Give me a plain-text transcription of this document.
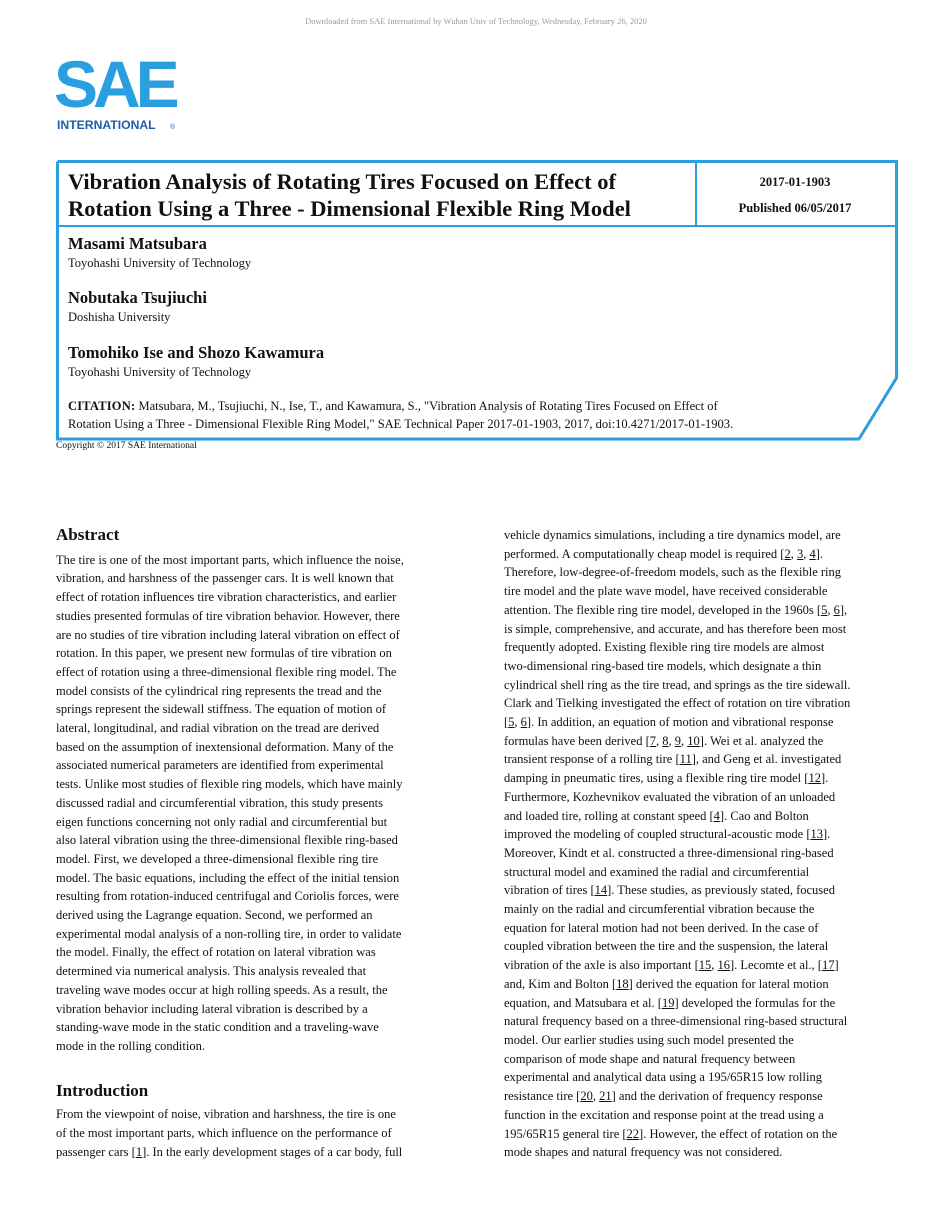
Downloaded from SAE International by Wuhan Univ of Technology, Wednesday, February 26, 2020
SAE
INTERNATIONAL ®
Vibration Analysis of Rotating Tires Focused on Effect of
Rotation Using a Three - Dimensional Flexible Ring Model
2017-01-1903
Published 06/05/2017
Masami Matsubara
Toyohashi University of Technology
Nobutaka Tsujiuchi
Doshisha University
Tomohiko Ise and Shozo Kawamura
Toyohashi University of Technology
CITATION: Matsubara, M., Tsujiuchi, N., Ise, T., and Kawamura, S., "Vibration Analysis of Rotating Tires Focused on Effect of
Rotation Using a Three - Dimensional Flexible Ring Model," SAE Technical Paper 2017-01-1903, 2017, doi:10.4271/2017-01-1903.
Copyright © 2017 SAE International
Abstract
The tire is one of the most important parts, which influence the noise,
vibration, and harshness of the passenger cars. It is well known that
effect of rotation influences tire vibration characteristics, and earlier
studies presented formulas of tire vibration behavior. However, there
are no studies of tire vibration including lateral vibration on effect of
rotation. In this paper, we present new formulas of tire vibration on
effect of rotation using a three-dimensional flexible ring model. The
model consists of the cylindrical ring represents the tread and the
springs represent the sidewall stiffness. The equation of motion of
lateral, longitudinal, and radial vibration on the tread are derived
based on the assumption of inextensional deformation. Many of the
associated numerical parameters are identified from experimental
tests. Unlike most studies of flexible ring models, which have mainly
discussed radial and circumferential vibration, this study presents
eigen functions concerning not only radial and circumferential but
also lateral vibration using the three-dimensional flexible ring-based
model. First, we developed a three-dimensional flexible ring tire
model. The basic equations, including the effect of the initial tension
resulting from rotation-induced centrifugal and Coriolis forces, were
derived using the Lagrange equation. Second, we performed an
experimental modal analysis of a non-rolling tire, in order to validate
the model. Finally, the effect of rotation on lateral vibration was
determined via numerical analysis. This analysis revealed that
traveling wave modes occur at high rolling speeds. As a result, the
vibration behavior including lateral vibration is described by a
standing-wave mode in the static condition and a traveling-wave
mode in the rolling condition.
Introduction
From the viewpoint of noise, vibration and harshness, the tire is one
of the most important parts, which influence on the performance of
passenger cars [1]. In the early development stages of a car body, full
vehicle dynamics simulations, including a tire dynamics model, are
performed. A computationally cheap model is required [2, 3, 4].
Therefore, low-degree-of-freedom models, such as the flexible ring
tire model and the plate wave model, have received considerable
attention. The flexible ring tire model, developed in the 1960s [5, 6],
is simple, comprehensive, and accurate, and has therefore been most
frequently adopted. Existing flexible ring tire models are almost
two-dimensional ring-based tire models, which designate a thin
cylindrical shell ring as the tire tread, and springs as the tire sidewall.
Clark and Tielking investigated the effect of rotation on tire vibration
[5, 6]. In addition, an equation of motion and vibrational response
formulas have been derived [7, 8, 9, 10]. Wei et al. analyzed the
transient response of a rolling tire [11], and Geng et al. investigated
damping in pneumatic tires, using a flexible ring tire model [12].
Furthermore, Kozhevnikov evaluated the vibration of an unloaded
and loaded tire, rolling at constant speed [4]. Cao and Bolton
improved the modeling of coupled structural-acoustic mode [13].
Moreover, Kindt et al. constructed a three-dimensional ring-based
structural model and examined the radial and circumferential
vibration of tires [14]. These studies, as previously stated, focused
mainly on the radial and circumferential vibration because the
equation for lateral motion had not been derived. In the case of
coupled vibration between the tire and the suspension, the lateral
vibration of the axle is also important [15, 16]. Lecomte et al., [17]
and, Kim and Bolton [18] derived the equation for lateral motion
equation, and Matsubara et al. [19] developed the formulas for the
natural frequency based on a three-dimensional ring-based structural
model. Our earlier studies using such model presented the
comparison of mode shape and natural frequency between
experimental and analytical data using a 195/65R15 low rolling
resistance tire [20, 21] and the derivation of frequency response
function in the excitation and response point at the tread using a
195/65R15 general tire [22]. However, the effect of rotation on the
mode shapes and natural frequency was not considered.
